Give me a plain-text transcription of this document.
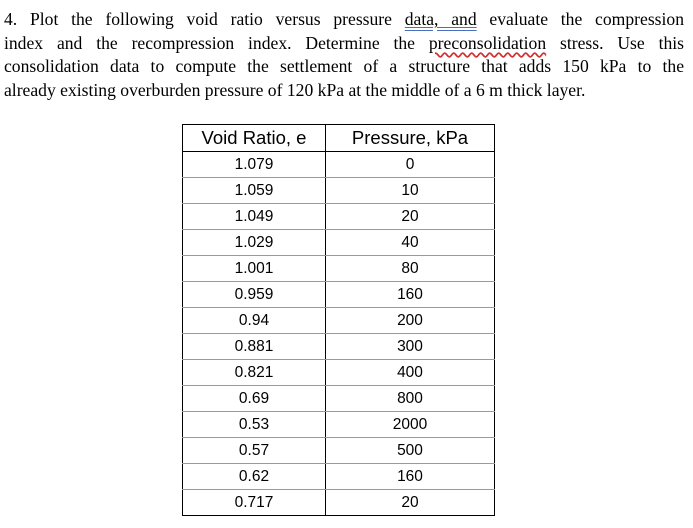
4. Plot the following void ratio versus pressure data, and evaluate the compression
index and the recompression index. Determine the preconsolidation stress. Use this
consolidation data to compute the settlement of a structure that adds 150 kPa to the
already existing overburden pressure of 120 kPa at the middle of a 6 m thick layer.
Void Ratio, e	Pressure, kPa
1.079	0
1.059	10
1.049	20
1.029	40
1.001	80
0.959	160
0.94	200
0.881	300
0.821	400
0.69	800
0.53	2000
0.57	500
0.62	160
0.717	20
